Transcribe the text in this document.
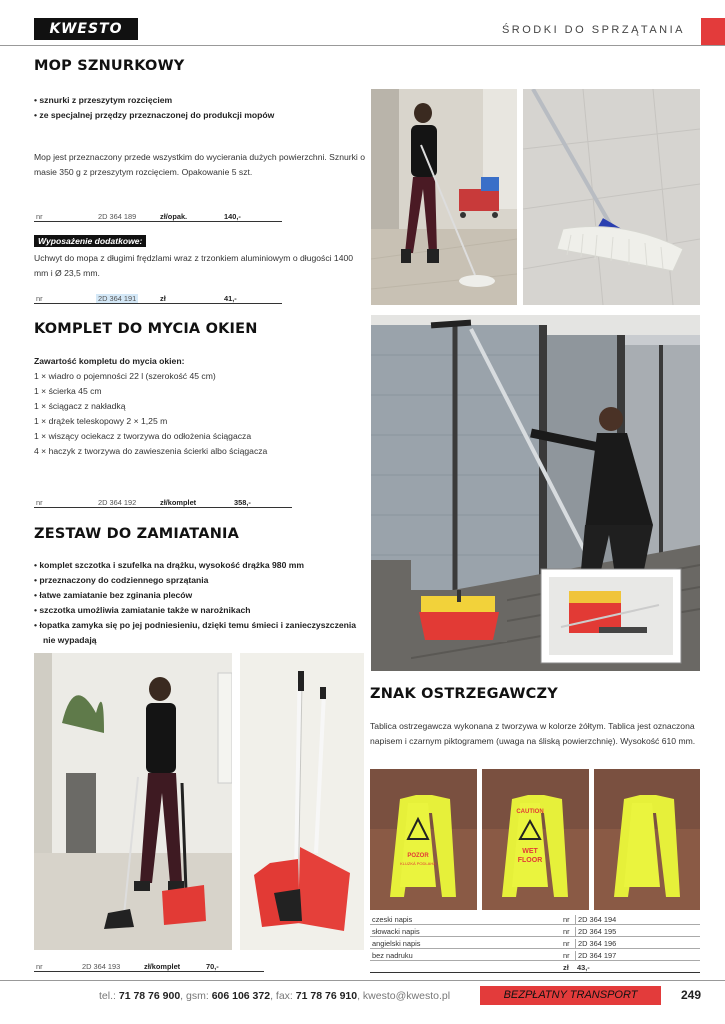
KWESTO	ŚRODKI DO SPRZĄTANIA
MOP SZNURKOWY
• sznurki z przeszytym rozcięciem
• ze specjalnej przędzy przeznaczonej do produkcji mopów
Mop jest przeznaczony przede wszystkim do wycierania dużych powierzchni. Sznurki o
masie 350 g z przeszytym rozcięciem. Opakowanie 5 szt.
nr	2D 364 189	zł/opak.	140,-
Wyposażenie dodatkowe:
Uchwyt do mopa z długimi frędzlami wraz z trzonkiem aluminiowym o długości 1400
mm i Ø 23,5 mm.
nr	2D 364 191	zł	41,-
KOMPLET DO MYCIA OKIEN
Zawartość kompletu do mycia okien:
1 × wiadro o pojemności 22 l (szerokość 45 cm)
1 × ścierka 45 cm
1 × ściągacz z nakładką
1 × drążek teleskopowy 2 × 1,25 m
1 × wiszący ociekacz z tworzywa do odłożenia ściągacza
4 × haczyk z tworzywa do zawieszenia ścierki albo ściągacza
nr	2D 364 192	zł/komplet	358,-
ZESTAW DO ZAMIATANIA
• komplet szczotka i szufelka na drążku, wysokość drążka 980 mm
• przeznaczony do codziennego sprzątania
• łatwe zamiatanie bez zginania pleców
• szczotka umożliwia zamiatanie także w narożnikach
• łopatka zamyka się po jej podniesieniu, dzięki temu śmieci i zanieczyszczenia
nie wypadają
nr	2D 364 193	zł/komplet	70,-
ZNAK OSTRZEGAWCZY
Tablica ostrzegawcza wykonana z tworzywa w kolorze żółtym. Tablica jest oznaczona
napisem i czarnym piktogramem (uwaga na śliską powierzchnię). Wysokość 610 mm.
POZOR
KLUZKÁ PODLAHA
CAUTION
WET
FLOOR
czeski napis	nr	2D 364 194
słowacki napis	nr	2D 364 195
angielski napis	nr	2D 364 196
bez nadruku	nr	2D 364 197
zł 43,-
tel.: 71 78 76 900, gsm: 606 106 372, fax: 71 78 76 910, kwesto@kwesto.pl	BEZPŁATNY TRANSPORT	249
